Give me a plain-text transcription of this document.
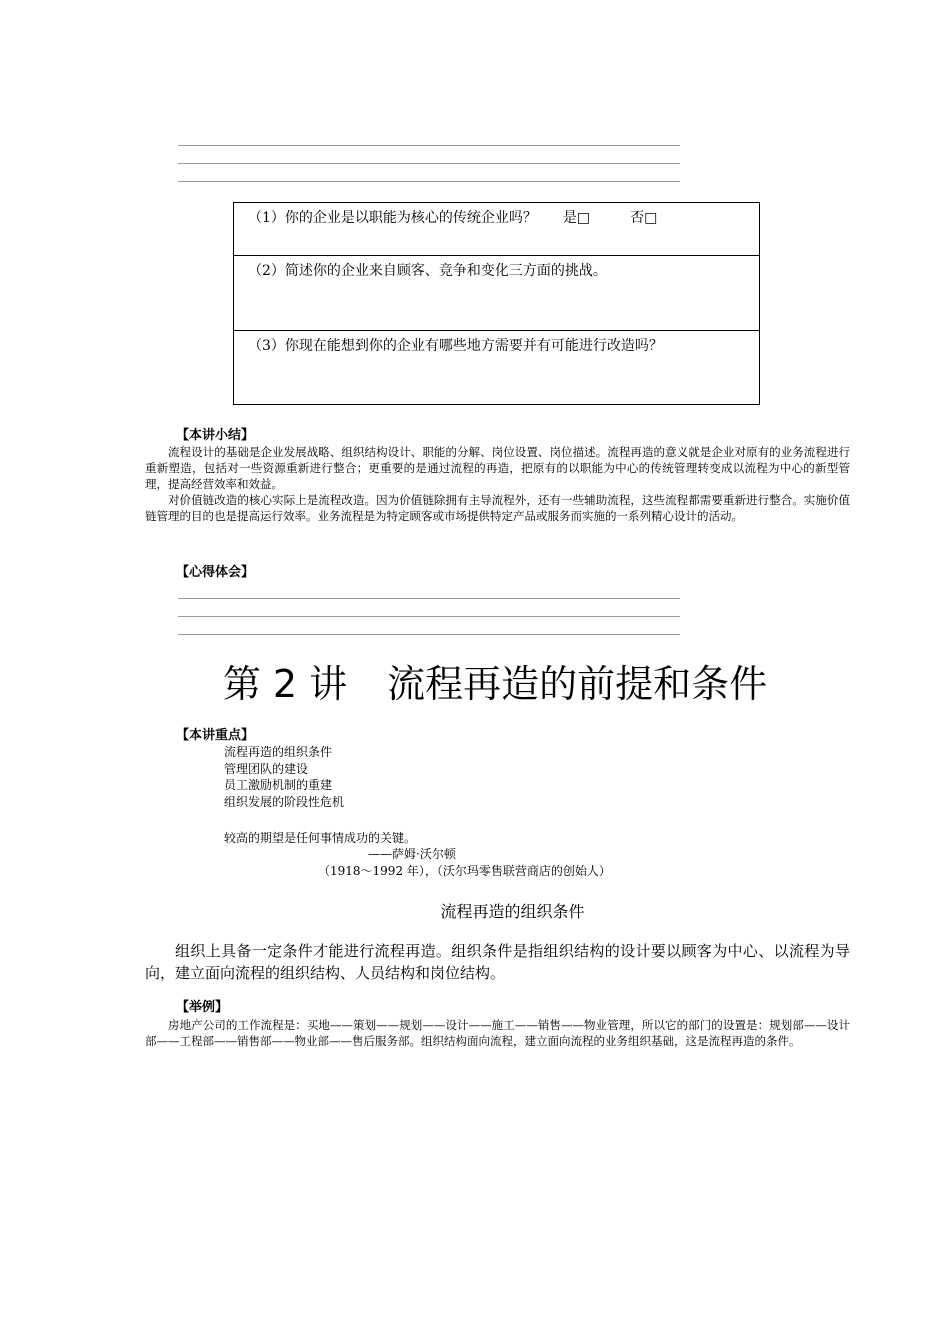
（1）你的企业是以职能为核心的传统企业吗？ 是□	否□
（2）简述你的企业来自顾客、竞争和变化三方面的挑战。
（3）你现在能想到你的企业有哪些地方需要并有可能进行改造吗？
【本讲小结】

流程设计的基础是企业发展战略、组织结构设计、职能的分解、岗位设置、岗位描述。流程再造的意义就是企业对原有的业务流程进行重新塑造，包括对一些资源重新进行整合；更重要的是通过流程的再造，把原有的以职能为中心的传统管理转变成以流程为中心的新型管理，提高经营效率和效益。

对价值链改造的核心实际上是流程改造。因为价值链除拥有主导流程外，还有一些辅助流程，这些流程都需要重新进行整合。实施价值链管理的目的也是提高运行效率。业务流程是为特定顾客或市场提供特定产品或服务而实施的一系列精心设计的活动。

【心得体会】
第 2 讲 流程再造的前提和条件
【本讲重点】
流程再造的组织条件
管理团队的建设
员工激励机制的重建
组织发展的阶段性危机
较高的期望是任何事情成功的关键。
——萨姆·沃尔顿
（1918～1992 年），（沃尔玛零售联营商店的创始人）
流程再造的组织条件

组织上具备一定条件才能进行流程再造。组织条件是指组织结构的设计要以顾客为中心、以流程为导向，建立面向流程的组织结构、人员结构和岗位结构。

【举例】

房地产公司的工作流程是：买地——策划——规划——设计——施工——销售——物业管理，所以它的部门的设置是：规划部——设计部——工程部——销售部——物业部——售后服务部。组织结构面向流程，建立面向流程的业务组织基础，这是流程再造的条件。
